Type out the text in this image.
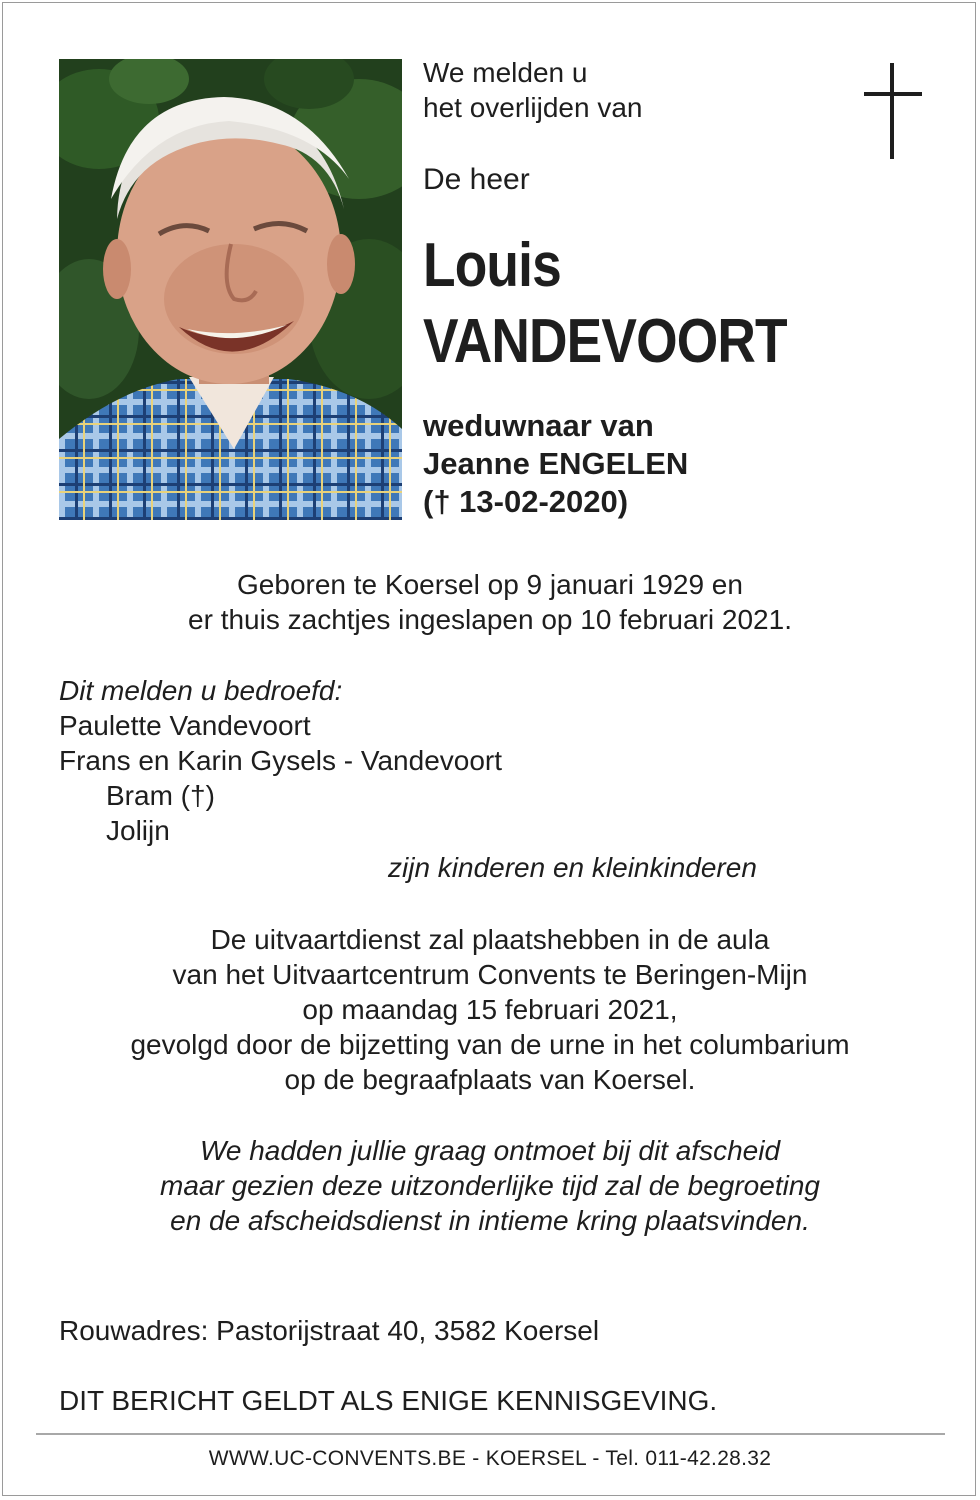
We melden u
het overlijden van
De heer
Louis
VANDEVOORT
weduwnaar van
Jeanne ENGELEN
(† 13-02-2020)
Geboren te Koersel op 9 januari 1929 en
er thuis zachtjes ingeslapen op 10 februari 2021.
Dit melden u bedroefd:
Paulette Vandevoort
Frans en Karin Gysels - Vandevoort
Bram (†)
Jolijn
zijn kinderen en kleinkinderen
De uitvaartdienst zal plaatshebben in de aula
van het Uitvaartcentrum Convents te Beringen-Mijn
op maandag 15 februari 2021,
gevolgd door de bijzetting van de urne in het columbarium
op de begraafplaats van Koersel.
We hadden jullie graag ontmoet bij dit afscheid
maar gezien deze uitzonderlijke tijd zal de begroeting
en de afscheidsdienst in intieme kring plaatsvinden.
Rouwadres: Pastorijstraat 40, 3582 Koersel
DIT BERICHT GELDT ALS ENIGE KENNISGEVING.
WWW.UC-CONVENTS.BE - KOERSEL - Tel. 011-42.28.32
